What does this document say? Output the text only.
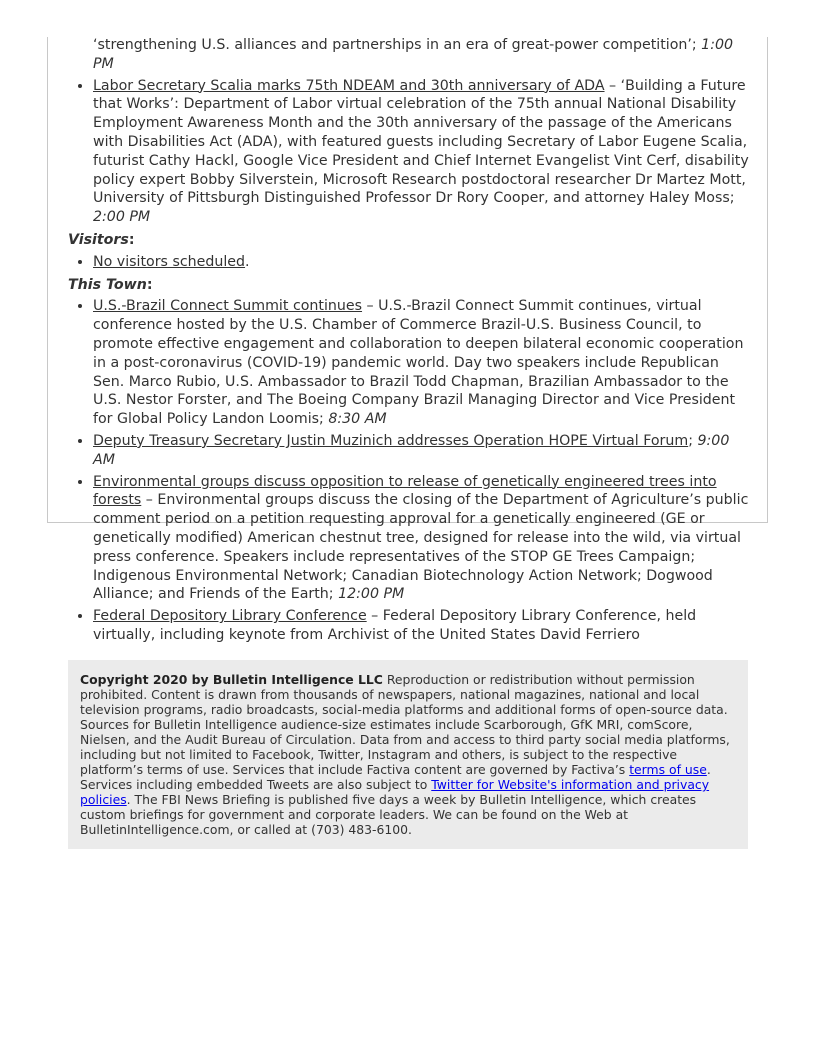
‘strengthening U.S. alliances and partnerships in an era of great-power competition’; 1:00 PM
• Labor Secretary Scalia marks 75th NDEAM and 30th anniversary of ADA – ‘Building a Future that Works’: Department of Labor virtual celebration of the 75th annual National Disability Employment Awareness Month and the 30th anniversary of the passage of the Americans with Disabilities Act (ADA), with featured guests including Secretary of Labor Eugene Scalia, futurist Cathy Hackl, Google Vice President and Chief Internet Evangelist Vint Cerf, disability policy expert Bobby Silverstein, Microsoft Research postdoctoral researcher Dr Martez Mott, University of Pittsburgh Distinguished Professor Dr Rory Cooper, and attorney Haley Moss; 2:00 PM
Visitors:
• No visitors scheduled.
This Town:
• U.S.-Brazil Connect Summit continues – U.S.-Brazil Connect Summit continues, virtual conference hosted by the U.S. Chamber of Commerce Brazil-U.S. Business Council, to promote effective engagement and collaboration to deepen bilateral economic cooperation in a post-coronavirus (COVID-19) pandemic world. Day two speakers include Republican Sen. Marco Rubio, U.S. Ambassador to Brazil Todd Chapman, Brazilian Ambassador to the U.S. Nestor Forster, and The Boeing Company Brazil Managing Director and Vice President for Global Policy Landon Loomis; 8:30 AM
• Deputy Treasury Secretary Justin Muzinich addresses Operation HOPE Virtual Forum; 9:00 AM
• Environmental groups discuss opposition to release of genetically engineered trees into forests – Environmental groups discuss the closing of the Department of Agriculture’s public comment period on a petition requesting approval for a genetically engineered (GE or genetically modified) American chestnut tree, designed for release into the wild, via virtual press conference. Speakers include representatives of the STOP GE Trees Campaign; Indigenous Environmental Network; Canadian Biotechnology Action Network; Dogwood Alliance; and Friends of the Earth; 12:00 PM
• Federal Depository Library Conference – Federal Depository Library Conference, held virtually, including keynote from Archivist of the United States David Ferriero
Copyright 2020 by Bulletin Intelligence LLC Reproduction or redistribution without permission prohibited. Content is drawn from thousands of newspapers, national magazines, national and local television programs, radio broadcasts, social-media platforms and additional forms of open-source data. Sources for Bulletin Intelligence audience-size estimates include Scarborough, GfK MRI, comScore, Nielsen, and the Audit Bureau of Circulation. Data from and access to third party social media platforms, including but not limited to Facebook, Twitter, Instagram and others, is subject to the respective platform’s terms of use. Services that include Factiva content are governed by Factiva’s terms of use. Services including embedded Tweets are also subject to Twitter for Website's information and privacy policies. The FBI News Briefing is published five days a week by Bulletin Intelligence, which creates custom briefings for government and corporate leaders. We can be found on the Web at BulletinIntelligence.com, or called at (703) 483-6100.
